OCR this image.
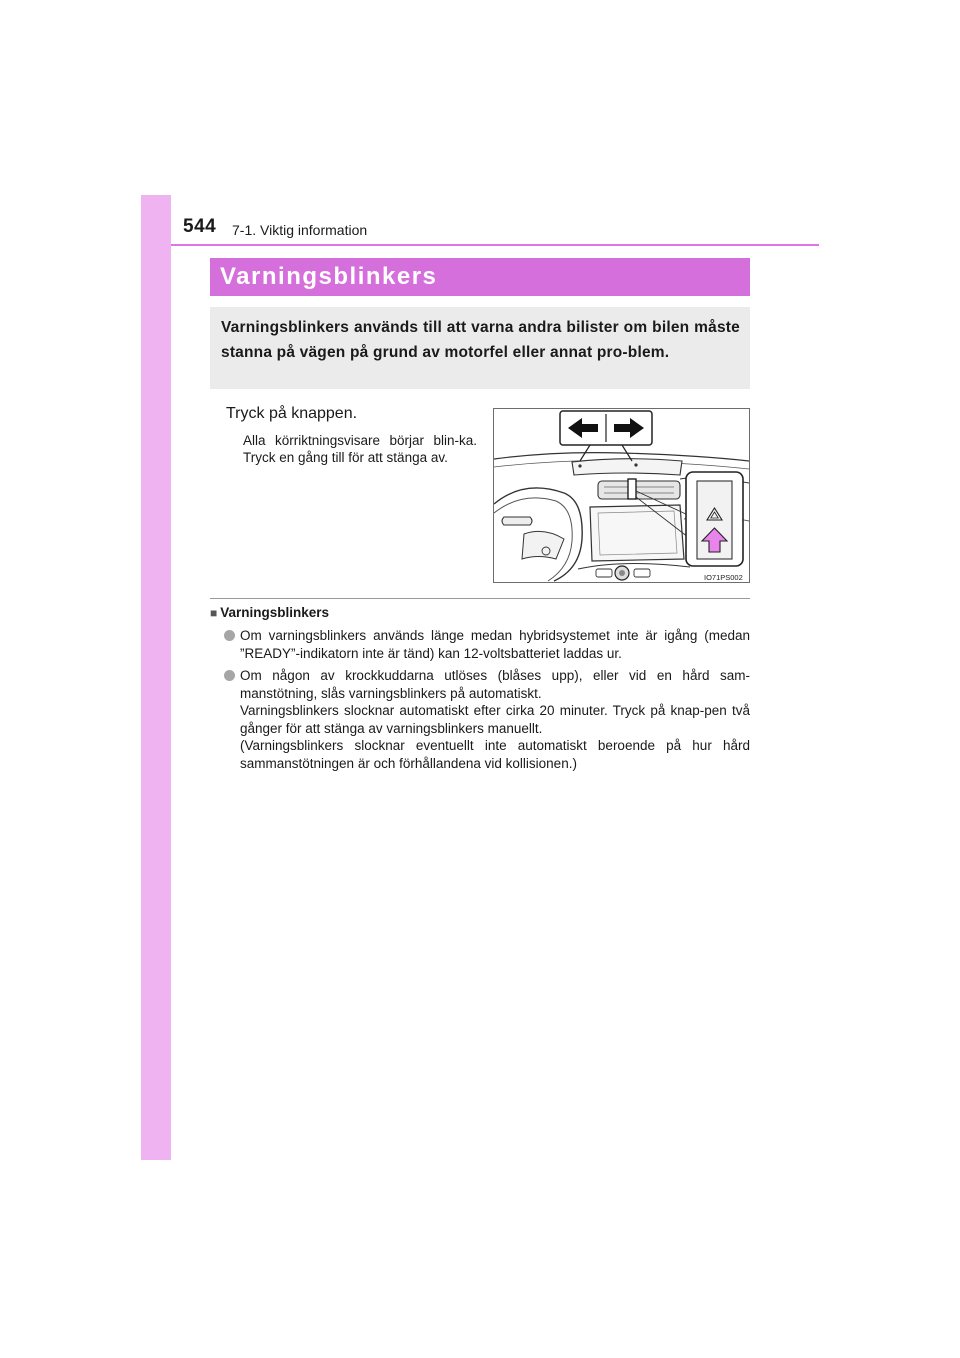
544 7-1. Viktig information
Varningsblinkers

Varningsblinkers används till att varna andra bilister om bilen måste stanna på vägen på grund av motorfel eller annat pro-blem.

Tryck på knappen.

Alla körriktningsvisare börjar blin-ka. Tryck en gång till för att stänga av.

IO71PS002
■ Varningsblinkers

Om varningsblinkers används länge medan hybridsystemet inte är igång (medan ”READY”-indikatorn inte är tänd) kan 12-voltsbatteriet laddas ur.

Om någon av krockkuddarna utlöses (blåses upp), eller vid en hård sam-manstötning, slås varningsblinkers på automatiskt.

Varningsblinkers slocknar automatiskt efter cirka 20 minuter. Tryck på knap-pen två gånger för att stänga av varningsblinkers manuellt.

(Varningsblinkers slocknar eventuellt inte automatiskt beroende på hur hård sammanstötningen är och förhållandena vid kollisionen.)
